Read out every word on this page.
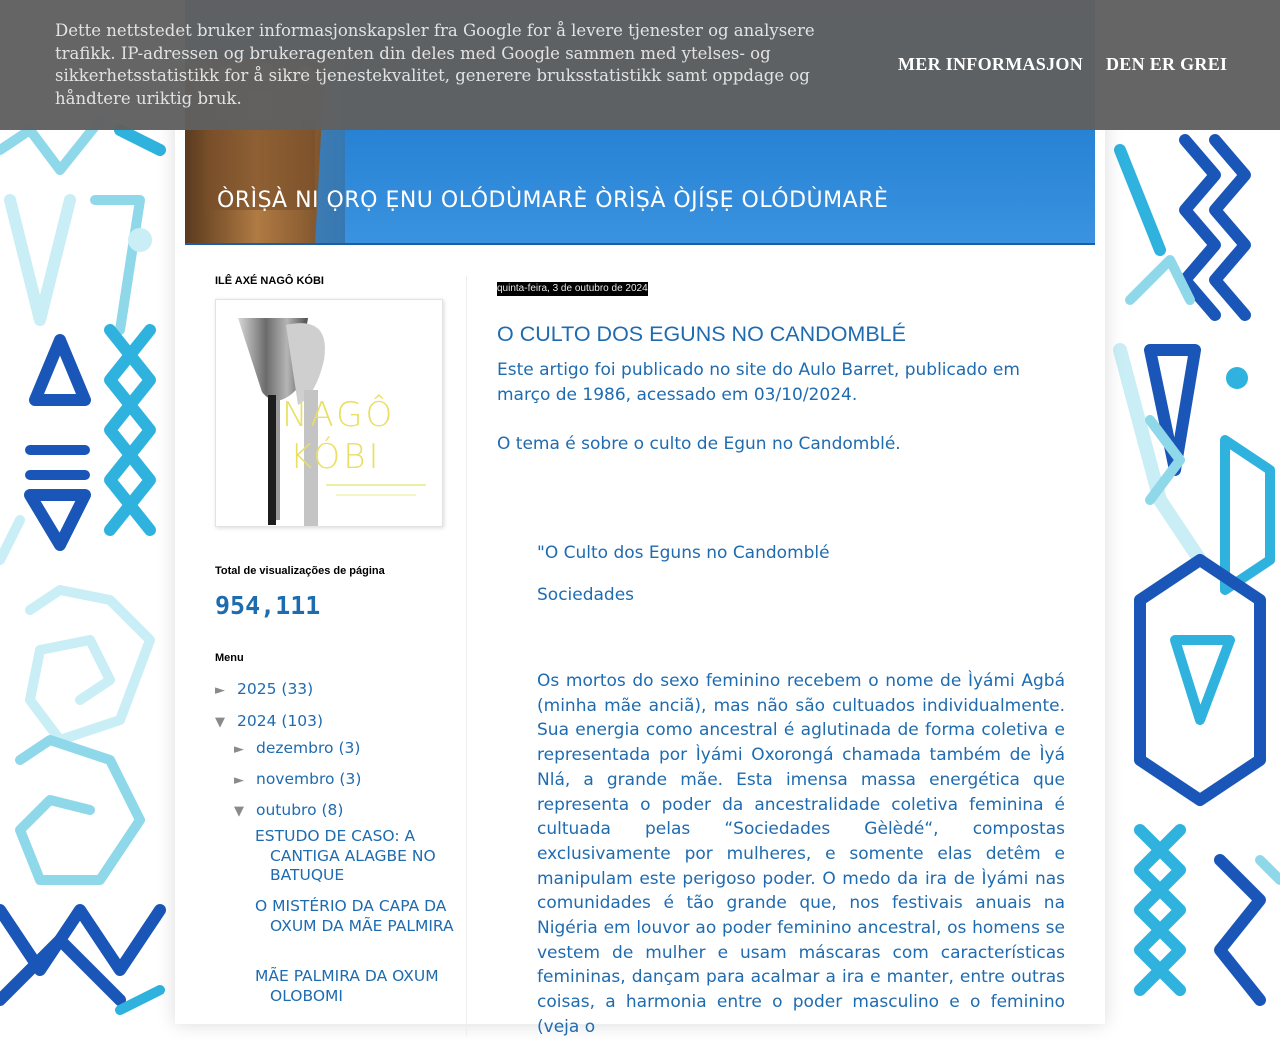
ÒRÌṢÀ NI ỌRỌ ẸNU OLÓDÙMARÈ ÒRÌṢÀ ÒJÍṢẸ OLÓDÙMARÈ
ILÊ AXÉ NAGÔ KÓBI
NAGÔ
KÓBI
Total de visualizações de página
954,111
Menu
► 2025 (33)
▼ 2024 (103)
► dezembro (3)
► novembro (3)
▼ outubro (8)
ESTUDO DE CASO: A CANTIGA ALAGBE NO BATUQUE
O MISTÉRIO DA CAPA DA OXUM DA MÃE PALMIRA
MÃE PALMIRA DA OXUM OLOBOMI
quinta-feira, 3 de outubro de 2024
O CULTO DOS EGUNS NO CANDOMBLÉ
Este artigo foi publicado no site do Aulo Barret, publicado em março de 1986, acessado em 03/10/2024.
O tema é sobre o culto de Egun no Candomblé.
"O Culto dos Eguns no Candomblé
Sociedades
Os mortos do sexo feminino recebem o nome de Ìyámi Agbá (minha mãe anciã), mas não são cultuados individualmente. Sua energia como ancestral é aglutinada de forma coletiva e representada por Ìyámi Oxorongá chamada também de Ìyá Nlá, a grande mãe. Esta imensa massa energética que representa o poder da ancestralidade coletiva feminina é cultuada pelas “Sociedades Gèlèdé“, compostas exclusivamente por mulheres, e somente elas detêm e manipulam este perigoso poder. O medo da ira de Ìyámi nas comunidades é tão grande que, nos festivais anuais na Nigéria em louvor ao poder feminino ancestral, os homens se vestem de mulher e usam máscaras com características femininas, dançam para acalmar a ira e manter, entre outras coisas, a harmonia entre o poder masculino e o feminino (veja o
Dette nettstedet bruker informasjonskapsler fra Google for å levere tjenester og analysere trafikk. IP-adressen og brukeragenten din deles med Google sammen med ytelses- og sikkerhetsstatistikk for å sikre tjenestekvalitet, generere bruksstatistikk samt oppdage og håndtere uriktig bruk.
MER INFORMASJON DEN ER GREI
